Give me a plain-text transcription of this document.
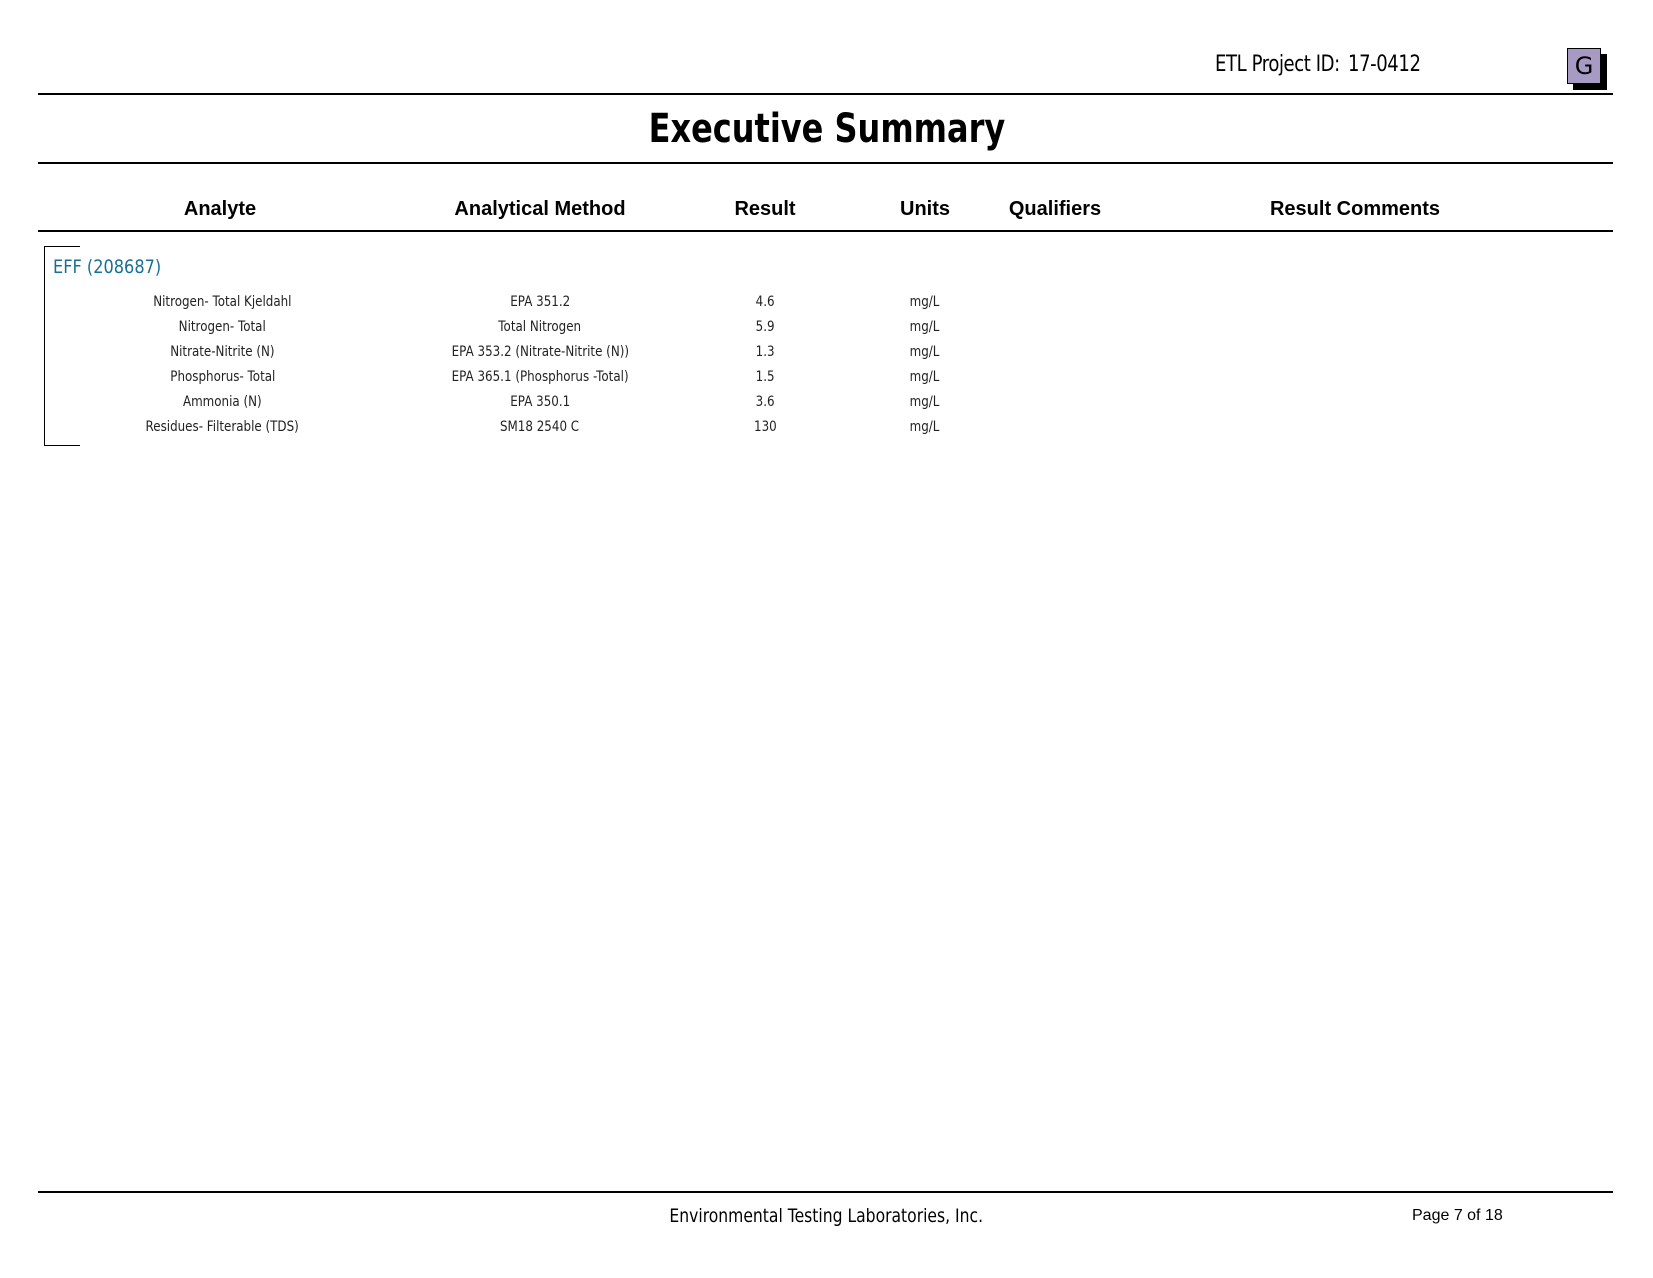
ETL Project ID: 17-0412	G
Executive Summary
Analyte	Analytical Method	Result	Units	Qualifiers	Result Comments
EFF (208687)
Nitrogen- Total Kjeldahl	EPA 351.2	4.6	mg/L
Nitrogen- Total	Total Nitrogen	5.9	mg/L
Nitrate-Nitrite (N)	EPA 353.2 (Nitrate-Nitrite (N))	1.3	mg/L
Phosphorus- Total	EPA 365.1 (Phosphorus -Total)	1.5	mg/L
Ammonia (N)	EPA 350.1	3.6	mg/L
Residues- Filterable (TDS)	SM18 2540 C	130	mg/L
Environmental Testing Laboratories, Inc.	Page 7 of 18
